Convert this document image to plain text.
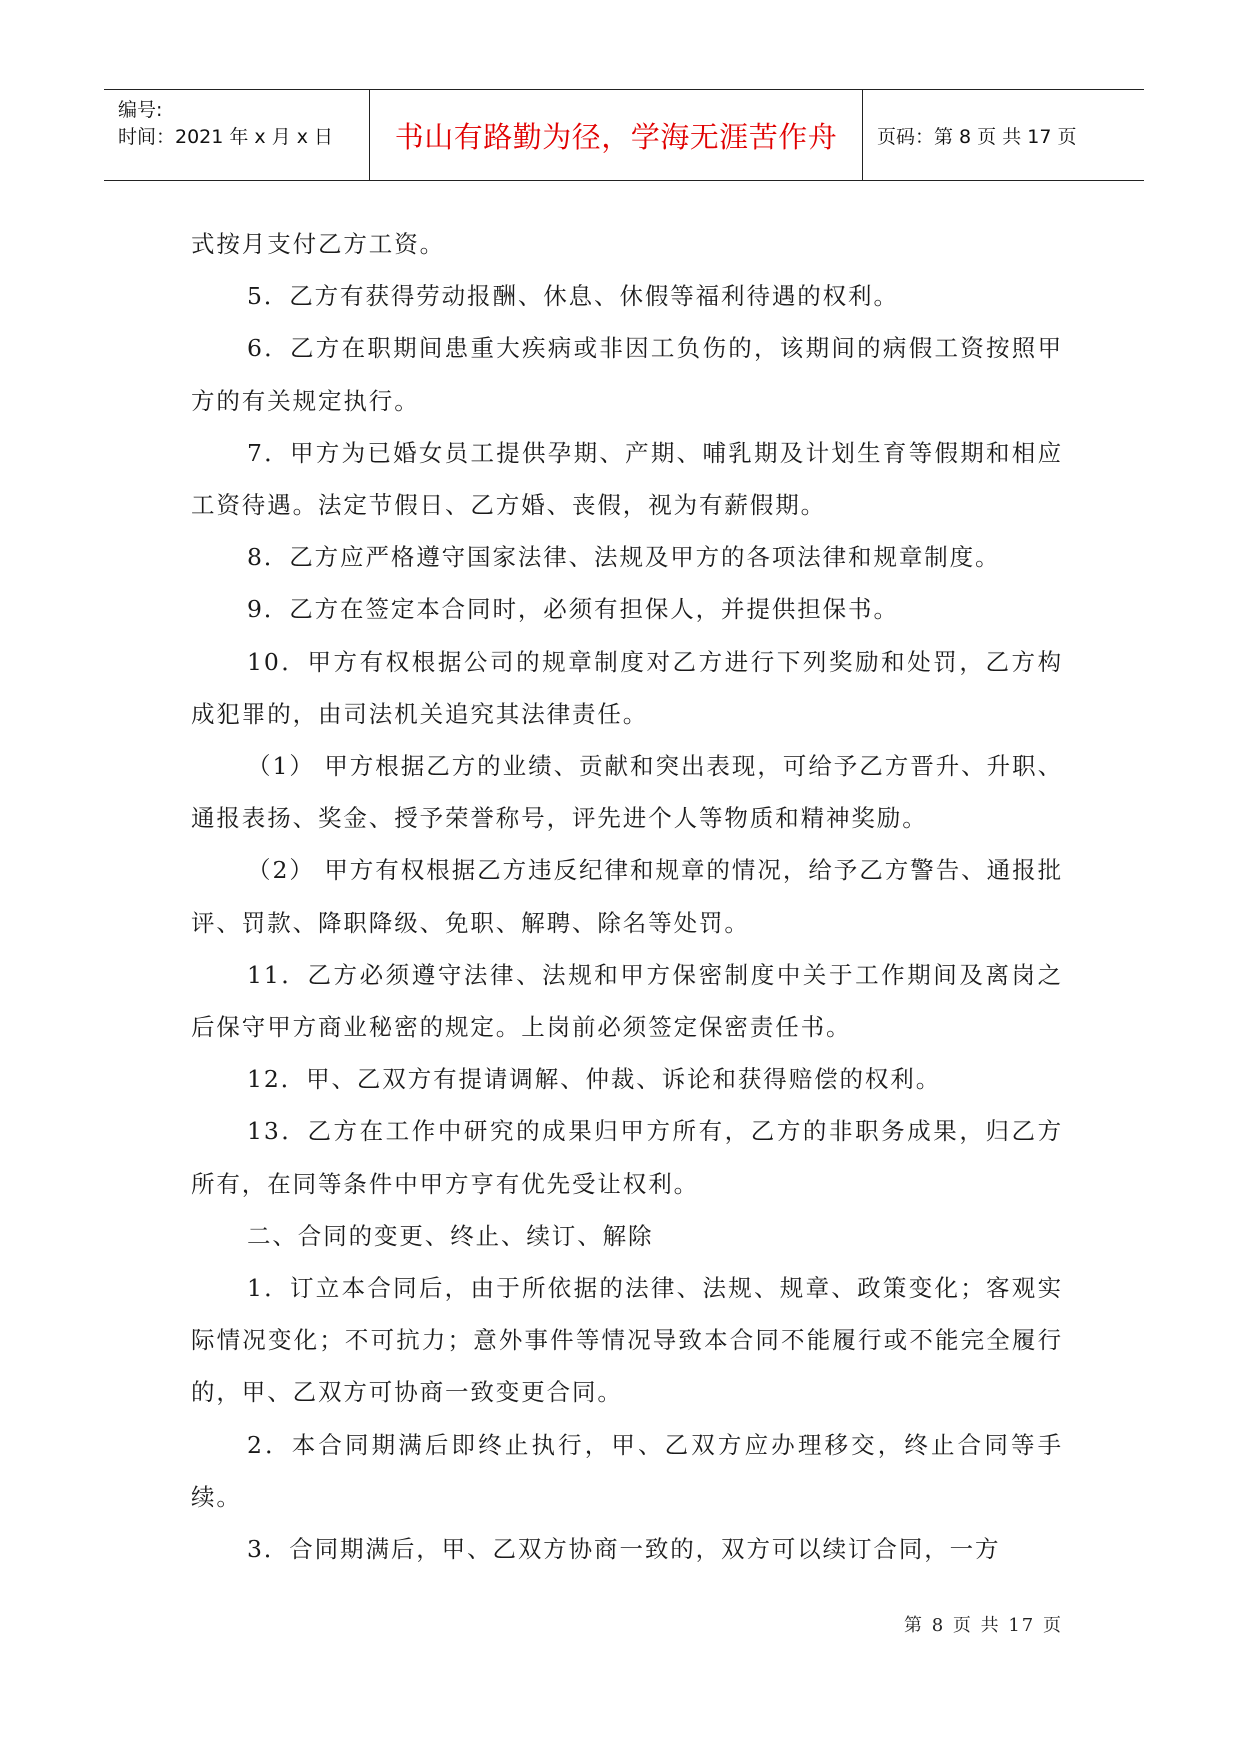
编号:
时间：2021 年 x 月 x 日 书山有路勤为径，学海无涯苦作舟 页码：第 8 页 共 17 页

式按月支付乙方工资。

5．乙方有获得劳动报酬、休息、休假等福利待遇的权利。

6．乙方在职期间患重大疾病或非因工负伤的，该期间的病假工资按照甲方的有关规定执行。

7．甲方为已婚女员工提供孕期、产期、哺乳期及计划生育等假期和相应工资待遇。法定节假日、乙方婚、丧假，视为有薪假期。

8．乙方应严格遵守国家法律、法规及甲方的各项法律和规章制度。

9．乙方在签定本合同时，必须有担保人，并提供担保书。

10．甲方有权根据公司的规章制度对乙方进行下列奖励和处罚，乙方构成犯罪的，由司法机关追究其法律责任。

（1） 甲方根据乙方的业绩、贡献和突出表现，可给予乙方晋升、升职、通报表扬、奖金、授予荣誉称号，评先进个人等物质和精神奖励。

（2） 甲方有权根据乙方违反纪律和规章的情况，给予乙方警告、通报批评、罚款、降职降级、免职、解聘、除名等处罚。

11．乙方必须遵守法律、法规和甲方保密制度中关于工作期间及离岗之后保守甲方商业秘密的规定。上岗前必须签定保密责任书。

12．甲、乙双方有提请调解、仲裁、诉论和获得赔偿的权利。

13．乙方在工作中研究的成果归甲方所有，乙方的非职务成果，归乙方所有，在同等条件中甲方亨有优先受让权利。

二、合同的变更、终止、续订、解除

1．订立本合同后，由于所依据的法律、法规、规章、政策变化；客观实际情况变化；不可抗力；意外事件等情况导致本合同不能履行或不能完全履行的，甲、乙双方可协商一致变更合同。

2．本合同期满后即终止执行，甲、乙双方应办理移交，终止合同等手续。

3．合同期满后，甲、乙双方协商一致的，双方可以续订合同，一方

第 8 页 共 17 页
